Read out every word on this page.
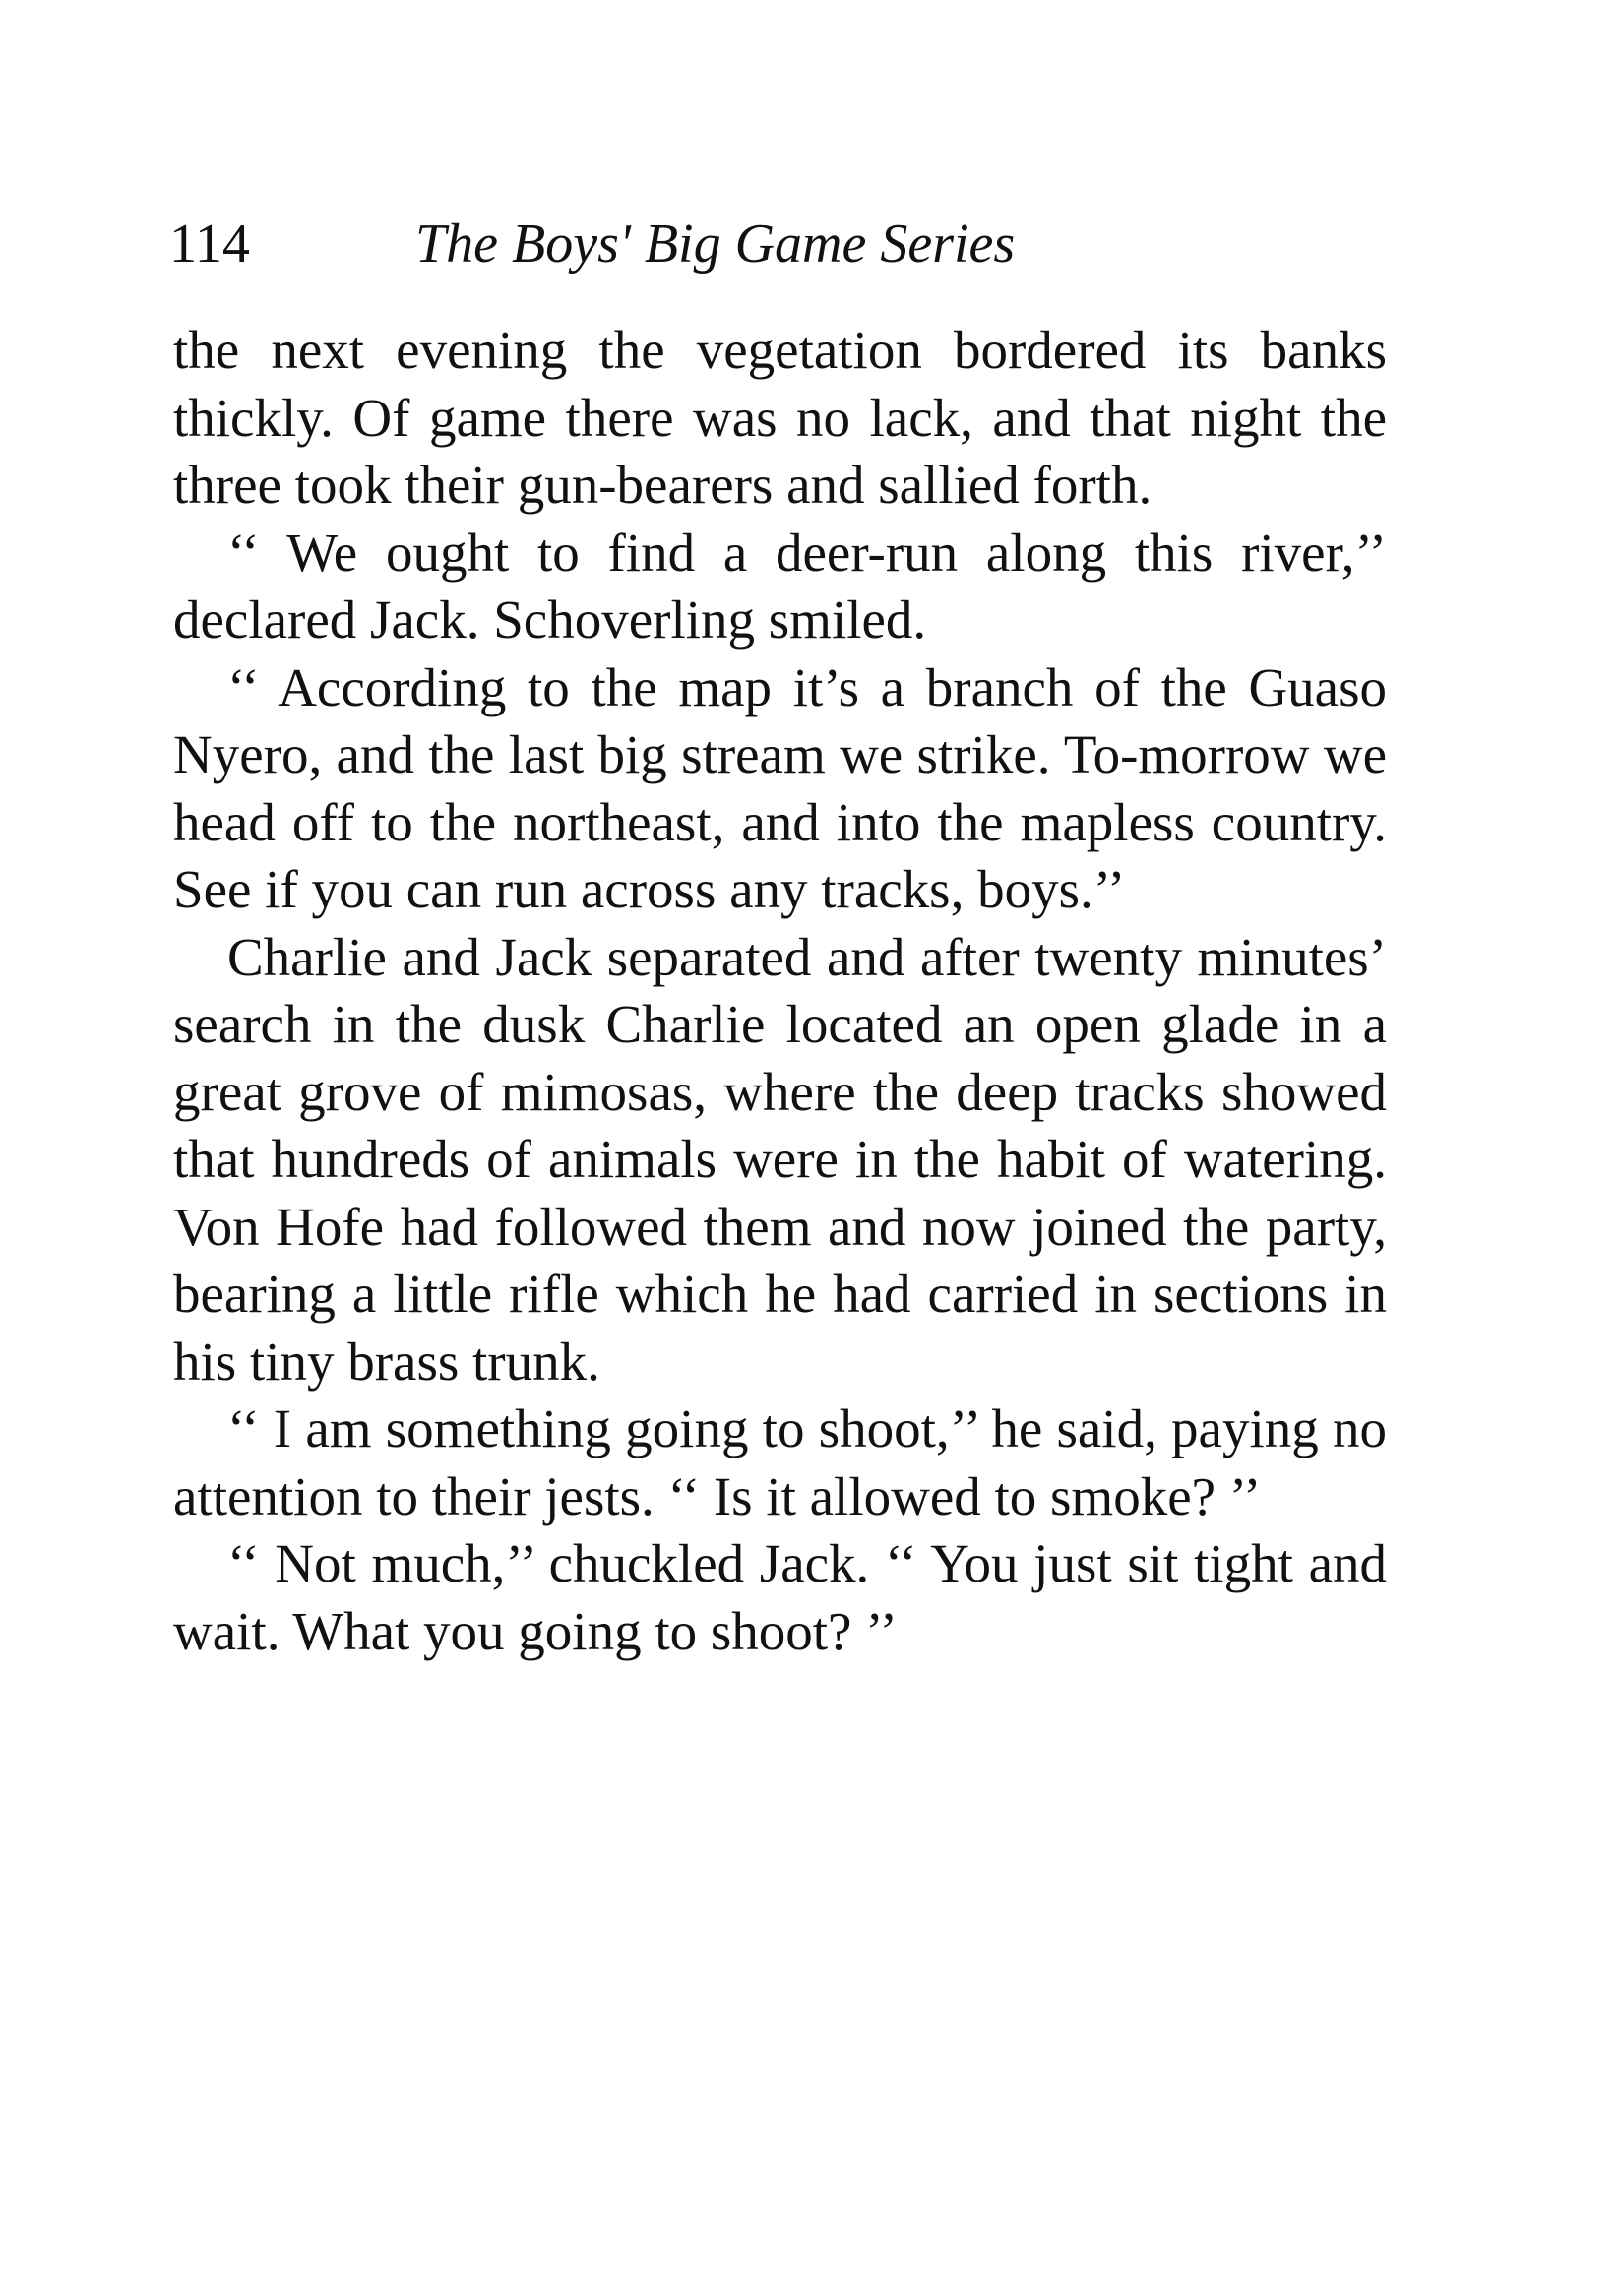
114	The Boys' Big Game Series

the next evening the vegetation bordered its banks thickly. Of game there was no lack, and that night the three took their gun-bearers and sallied forth.

‘‘ We ought to find a deer-run along this river,’’ declared Jack. Schoverling smiled.

‘‘ According to the map it’s a branch of the Guaso Nyero, and the last big stream we strike. To-morrow we head off to the northeast, and into the mapless country. See if you can run across any tracks, boys.’’

Charlie and Jack separated and after twenty minutes’ search in the dusk Charlie located an open glade in a great grove of mimosas, where the deep tracks showed that hundreds of animals were in the habit of watering. Von Hofe had followed them and now joined the party, bearing a little rifle which he had carried in sections in his tiny brass trunk.

‘‘ I am something going to shoot,’’ he said, paying no attention to their jests. ‘‘ Is it allowed to smoke? ’’

‘‘ Not much,’’ chuckled Jack. ‘‘ You just sit tight and wait. What you going to shoot? ’’
